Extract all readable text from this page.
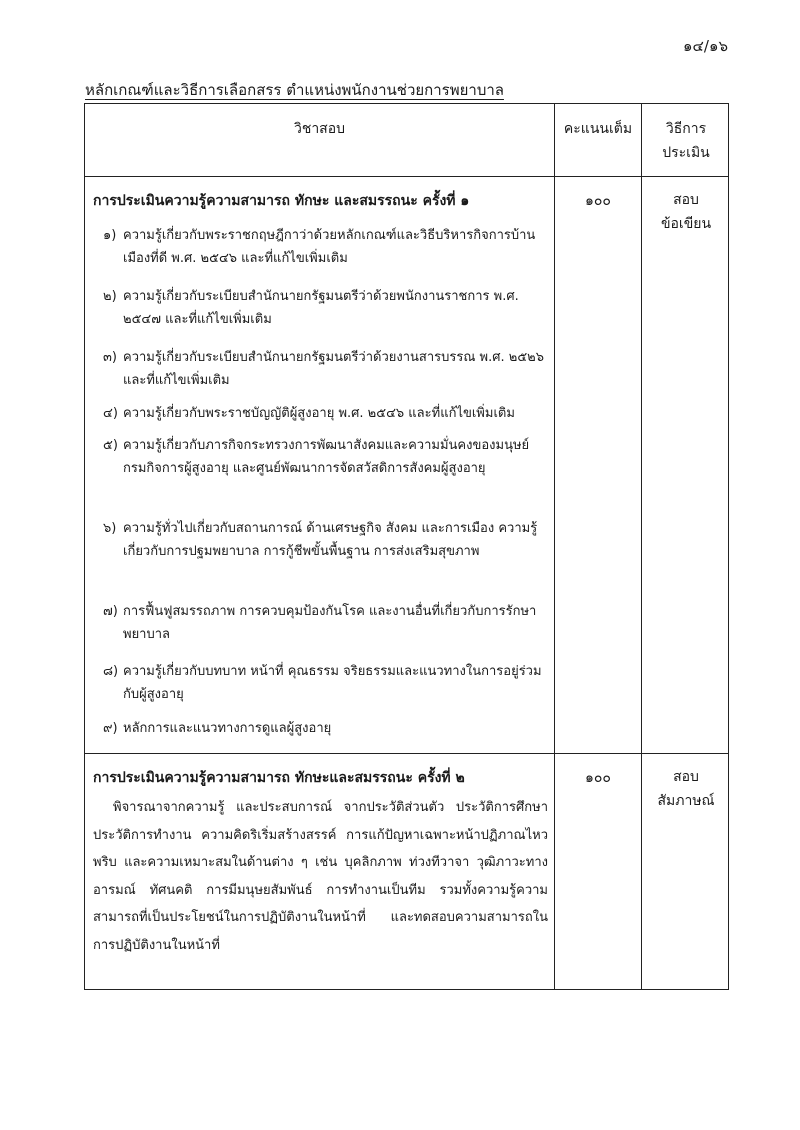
๑๔/๑๖
หลักเกณฑ์และวิธีการเลือกสรร ตำแหน่งพนักงานช่วยการพยาบาล
วิชาสอบ	คะแนนเต็ม	วิธีการ
ประเมิน
การประเมินความรู้ความสามารถ ทักษะ และสมรรถนะ ครั้งที่ ๑	๑๐๐	สอบ
ข้อเขียน
๑) ความรู้เกี่ยวกับพระราชกฤษฎีกาว่าด้วยหลักเกณฑ์และวิธีบริหารกิจการบ้านเมืองที่ดี พ.ศ. ๒๕๔๖ และที่แก้ไขเพิ่มเติม
๒) ความรู้เกี่ยวกับระเบียบสำนักนายกรัฐมนตรีว่าด้วยพนักงานราชการ พ.ศ. ๒๕๔๗ และที่แก้ไขเพิ่มเติม
๓) ความรู้เกี่ยวกับระเบียบสำนักนายกรัฐมนตรีว่าด้วยงานสารบรรณ พ.ศ. ๒๕๒๖ และที่แก้ไขเพิ่มเติม
๔) ความรู้เกี่ยวกับพระราชบัญญัติผู้สูงอายุ พ.ศ. ๒๕๔๖ และที่แก้ไขเพิ่มเติม
๕) ความรู้เกี่ยวกับภารกิจกระทรวงการพัฒนาสังคมและความมั่นคงของมนุษย์ กรมกิจการผู้สูงอายุ และศูนย์พัฒนาการจัดสวัสดิการสังคมผู้สูงอายุ
๖) ความรู้ทั่วไปเกี่ยวกับสถานการณ์ ด้านเศรษฐกิจ สังคม และการเมือง ความรู้เกี่ยวกับการปฐมพยาบาล การกู้ชีพขั้นพื้นฐาน การส่งเสริมสุขภาพ
๗) การฟื้นฟูสมรรถภาพ การควบคุมป้องกันโรค และงานอื่นที่เกี่ยวกับการรักษาพยาบาล
๘) ความรู้เกี่ยวกับบทบาท หน้าที่ คุณธรรม จริยธรรมและแนวทางในการอยู่ร่วมกับผู้สูงอายุ
๙) หลักการและแนวทางการดูแลผู้สูงอายุ
การประเมินความรู้ความสามารถ ทักษะและสมรรถนะ ครั้งที่ ๒	๑๐๐	สอบ
สัมภาษณ์
พิจารณาจากความรู้ และประสบการณ์ จากประวัติส่วนตัว ประวัติการศึกษา ประวัติการทำงาน ความคิดริเริ่มสร้างสรรค์ การแก้ปัญหาเฉพาะหน้าปฏิภาณไหวพริบ และความเหมาะสมในด้านต่าง ๆ เช่น บุคลิกภาพ ท่วงทีวาจา วุฒิภาวะทางอารมณ์ ทัศนคติ การมีมนุษยสัมพันธ์ การทำงานเป็นทีม รวมทั้งความรู้ความสามารถที่เป็นประโยชน์ในการปฏิบัติงานในหน้าที่ และทดสอบความสามารถในการปฏิบัติงานในหน้าที่
